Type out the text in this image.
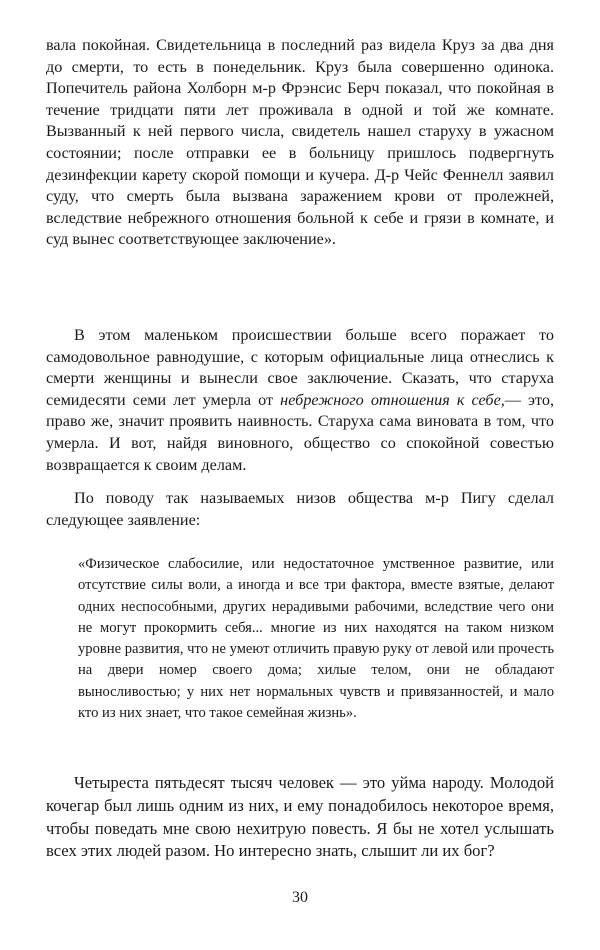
вала покойная. Свидетельница в последний раз видела Круз за два дня до смерти, то есть в понедельник. Круз была совершенно одинока. Попечитель района Холборн м-р Фрэнсис Берч показал, что покойная в течение тридцати пяти лет проживала в одной и той же комнате. Вызванный к ней первого числа, свидетель нашел старуху в ужасном состоянии; после отправки ее в больницу пришлось подвергнуть дезинфекции карету скорой помощи и кучера. Д-р Чейс Феннелл заявил суду, что смерть была вызвана заражением крови от пролежней, вследствие небрежного отношения больной к себе и грязи в комнате, и суд вынес соответствующее заключение».

В этом маленьком происшествии больше всего поражает то самодовольное равнодушие, с которым официальные лица отнеслись к смерти женщины и вынесли свое заключение. Сказать, что старуха семидесяти семи лет умерла от небрежного отношения к себе,— это, право же, значит проявить наивность. Старуха сама виновата в том, что умерла. И вот, найдя виновного, общество со спокойной совестью возвращается к своим делам.

По поводу так называемых низов общества м-р Пигу сделал следующее заявление:

«Физическое слабосилие, или недостаточное умственное развитие, или отсутствие силы воли, а иногда и все три фактора, вместе взятые, делают одних неспособными, других нерадивыми рабочими, вследствие чего они не могут прокормить себя... многие из них находятся на таком низком уровне развития, что не умеют отличить правую руку от левой или прочесть на двери номер своего дома; хилые телом, они не обладают выносливостью; у них нет нормальных чувств и привязанностей, и мало кто из них знает, что такое семейная жизнь».

Четыреста пятьдесят тысяч человек — это уйма народу. Молодой кочегар был лишь одним из них, и ему понадобилось некоторое время, чтобы поведать мне свою нехитрую повесть. Я бы не хотел услышать всех этих людей разом. Но интересно знать, слышит ли их бог?

30
